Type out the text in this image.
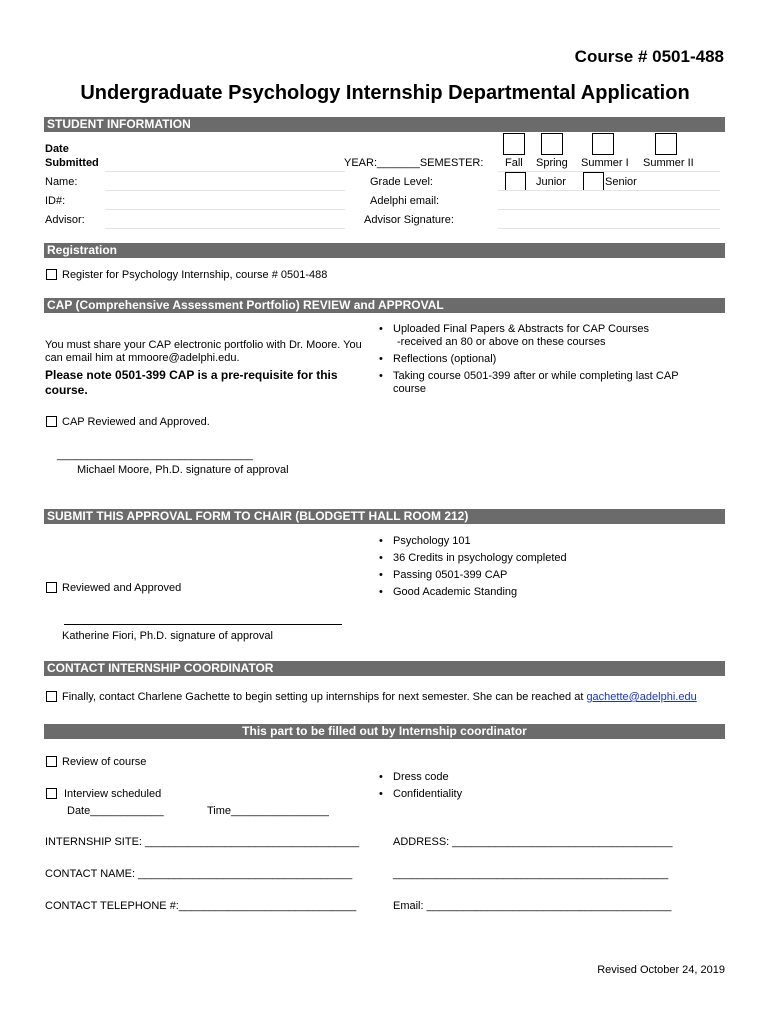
Course # 0501-488
Undergraduate Psychology Internship Departmental Application
STUDENT INFORMATION
Date
Submitted	YEAR:_______SEMESTER: Fall Spring Summer I Summer II
Name:	Grade Level:	Junior	Senior
ID#:	Adelphi email:
Advisor:	Advisor Signature:
Registration
Register for Psychology Internship, course # 0501-488
CAP (Comprehensive Assessment Portfolio) REVIEW and APPROVAL
You must share your CAP electronic portfolio with Dr. Moore. You
can email him at mmoore@adelphi.edu.
Please note 0501-399 CAP is a pre-requisite for this
course.
• Uploaded Final Papers & Abstracts for CAP Courses
-received an 80 or above on these courses
• Reflections (optional)
• Taking course 0501-399 after or while completing last CAP
course
CAP Reviewed and Approved.
________________________________
Michael Moore, Ph.D. signature of approval
SUBMIT THIS APPROVAL FORM TO CHAIR (BLODGETT HALL ROOM 212)
• Psychology 101
• 36 Credits in psychology completed
• Passing 0501-399 CAP
• Good Academic Standing
Reviewed and Approved
Katherine Fiori, Ph.D. signature of approval
CONTACT INTERNSHIP COORDINATOR
Finally, contact Charlene Gachette to begin setting up internships for next semester. She can be reached at gachette@adelphi.edu
This part to be filled out by Internship coordinator
Review of course
• Dress code
• Confidentiality
Interview scheduled
Date____________	Time________________
INTERNSHIP SITE: ___________________________________	ADDRESS: ____________________________________
CONTACT NAME: ___________________________________	_____________________________________________
CONTACT TELEPHONE #:_____________________________	Email: ________________________________________
Revised October 24, 2019
